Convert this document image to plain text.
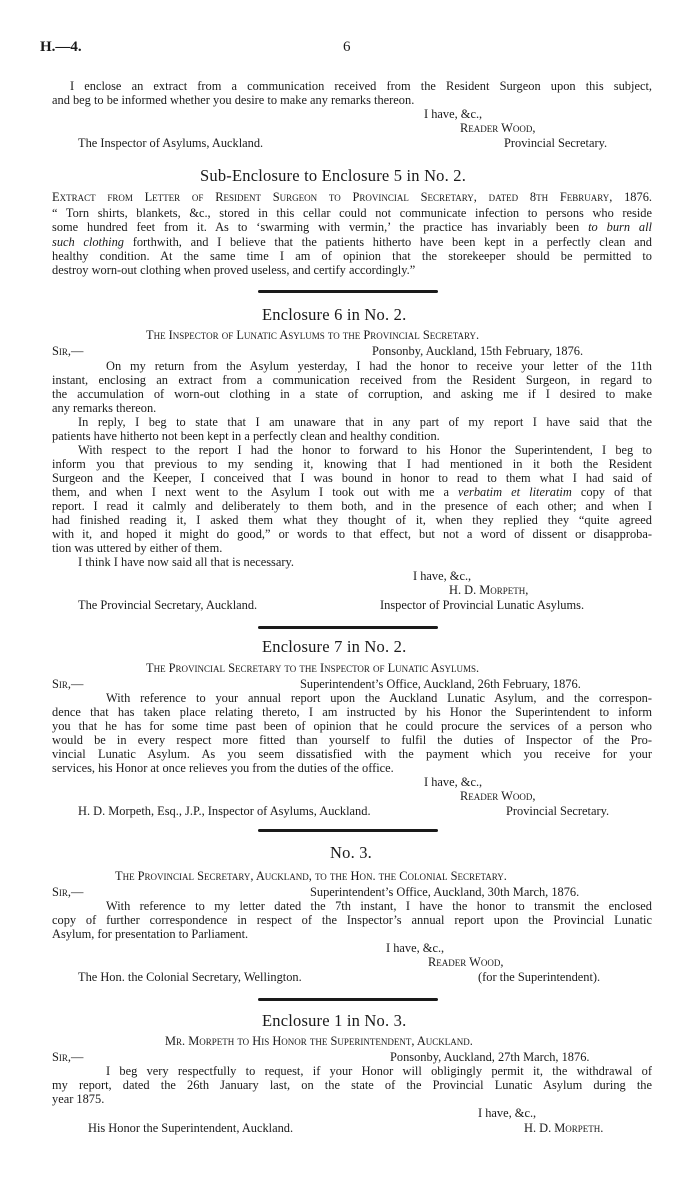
H.—4.	6
I enclose an extract from a communication received from the Resident Surgeon upon this subject,
and beg to be informed whether you desire to make any remarks thereon.
I have, &c.,
Reader Wood,
The Inspector of Asylums, Auckland.	Provincial Secretary.
Sub-Enclosure to Enclosure 5 in No. 2.
Extract from Letter of Resident Surgeon to Provincial Secretary, dated 8th February, 1876.
“ Torn shirts, blankets, &c., stored in this cellar could not communicate infection to persons who reside
some hundred feet from it. As to ‘swarming with vermin,’ the practice has invariably been to burn all
such clothing forthwith, and I believe that the patients hitherto have been kept in a perfectly clean and
healthy condition. At the same time I am of opinion that the storekeeper should be permitted to
destroy worn-out clothing when proved useless, and certify accordingly.”
Enclosure 6 in No. 2.
The Inspector of Lunatic Asylums to the Provincial Secretary.
Sir,—	Ponsonby, Auckland, 15th February, 1876.
On my return from the Asylum yesterday, I had the honor to receive your letter of the 11th
instant, enclosing an extract from a communication received from the Resident Surgeon, in regard to
the accumulation of worn-out clothing in a state of corruption, and asking me if I desired to make
any remarks thereon.
In reply, I beg to state that I am unaware that in any part of my report I have said that the
patients have hitherto not been kept in a perfectly clean and healthy condition.
With respect to the report I had the honor to forward to his Honor the Superintendent, I beg to
inform you that previous to my sending it, knowing that I had mentioned in it both the Resident
Surgeon and the Keeper, I conceived that I was bound in honor to read to them what I had said of
them, and when I next went to the Asylum I took out with me a verbatim et literatim copy of that
report. I read it calmly and deliberately to them both, and in the presence of each other; and when I
had finished reading it, I asked them what they thought of it, when they replied they “quite agreed
with it, and hoped it might do good,” or words to that effect, but not a word of dissent or disapproba-
tion was uttered by either of them.
I think I have now said all that is necessary.
I have, &c.,
H. D. Morpeth,
The Provincial Secretary, Auckland.	Inspector of Provincial Lunatic Asylums.
Enclosure 7 in No. 2.
The Provincial Secretary to the Inspector of Lunatic Asylums.
Sir,—	Superintendent’s Office, Auckland, 26th February, 1876.
With reference to your annual report upon the Auckland Lunatic Asylum, and the correspon-
dence that has taken place relating thereto, I am instructed by his Honor the Superintendent to inform
you that he has for some time past been of opinion that he could procure the services of a person who
would be in every respect more fitted than yourself to fulfil the duties of Inspector of the Pro-
vincial Lunatic Asylum. As you seem dissatisfied with the payment which you receive for your
services, his Honor at once relieves you from the duties of the office.
I have, &c.,
Reader Wood,
H. D. Morpeth, Esq., J.P., Inspector of Asylums, Auckland.	Provincial Secretary.
No. 3.
The Provincial Secretary, Auckland, to the Hon. the Colonial Secretary.
Sir,—	Superintendent’s Office, Auckland, 30th March, 1876.
With reference to my letter dated the 7th instant, I have the honor to transmit the enclosed
copy of further correspondence in respect of the Inspector’s annual report upon the Provincial Lunatic
Asylum, for presentation to Parliament.
I have, &c.,
Reader Wood,
The Hon. the Colonial Secretary, Wellington.	(for the Superintendent).
Enclosure 1 in No. 3.
Mr. Morpeth to His Honor the Superintendent, Auckland.
Sir,—	Ponsonby, Auckland, 27th March, 1876.
I beg very respectfully to request, if your Honor will obligingly permit it, the withdrawal of
my report, dated the 26th January last, on the state of the Provincial Lunatic Asylum during the
year 1875.
I have, &c.,
His Honor the Superintendent, Auckland.	H. D. Morpeth.
